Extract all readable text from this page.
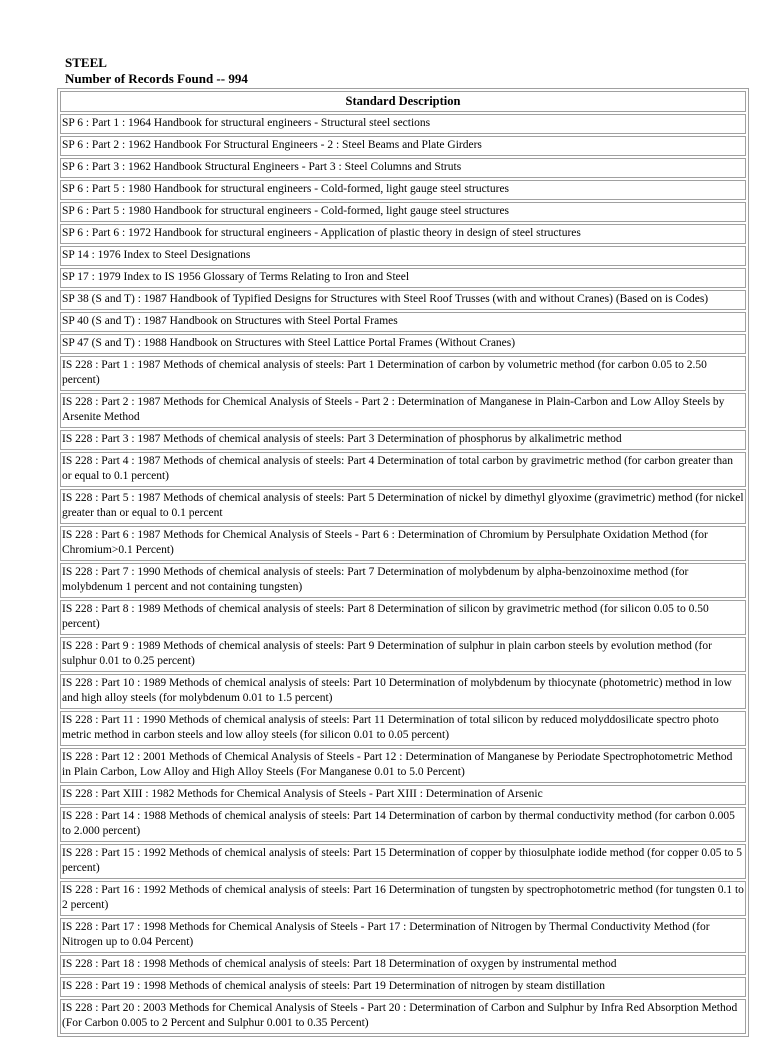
STEEL
Number of Records Found -- 994
Standard Description
SP 6 : Part 1 : 1964 Handbook for structural engineers - Structural steel sections
SP 6 : Part 2 : 1962 Handbook For Structural Engineers - 2 : Steel Beams and Plate Girders
SP 6 : Part 3 : 1962 Handbook Structural Engineers - Part 3 : Steel Columns and Struts
SP 6 : Part 5 : 1980 Handbook for structural engineers - Cold-formed, light gauge steel structures
SP 6 : Part 5 : 1980 Handbook for structural engineers - Cold-formed, light gauge steel structures
SP 6 : Part 6 : 1972 Handbook for structural engineers - Application of plastic theory in design of steel structures
SP 14 : 1976 Index to Steel Designations
SP 17 : 1979 Index to IS 1956 Glossary of Terms Relating to Iron and Steel
SP 38 (S and T) : 1987 Handbook of Typified Designs for Structures with Steel Roof Trusses (with and without Cranes) (Based on is Codes)
SP 40 (S and T) : 1987 Handbook on Structures with Steel Portal Frames
SP 47 (S and T) : 1988 Handbook on Structures with Steel Lattice Portal Frames (Without Cranes)
IS 228 : Part 1 : 1987 Methods of chemical analysis of steels: Part 1 Determination of carbon by volumetric method (for carbon 0.05 to 2.50 percent)
IS 228 : Part 2 : 1987 Methods for Chemical Analysis of Steels - Part 2 : Determination of Manganese in Plain-Carbon and Low Alloy Steels by Arsenite Method
IS 228 : Part 3 : 1987 Methods of chemical analysis of steels: Part 3 Determination of phosphorus by alkalimetric method
IS 228 : Part 4 : 1987 Methods of chemical analysis of steels: Part 4 Determination of total carbon by gravimetric method (for carbon greater than or equal to 0.1 percent)
IS 228 : Part 5 : 1987 Methods of chemical analysis of steels: Part 5 Determination of nickel by dimethyl glyoxime (gravimetric) method (for nickel greater than or equal to 0.1 percent
IS 228 : Part 6 : 1987 Methods for Chemical Analysis of Steels - Part 6 : Determination of Chromium by Persulphate Oxidation Method (for Chromium>0.1 Percent)
IS 228 : Part 7 : 1990 Methods of chemical analysis of steels: Part 7 Determination of molybdenum by alpha-benzoinoxime method (for molybdenum 1 percent and not containing tungsten)
IS 228 : Part 8 : 1989 Methods of chemical analysis of steels: Part 8 Determination of silicon by gravimetric method (for silicon 0.05 to 0.50 percent)
IS 228 : Part 9 : 1989 Methods of chemical analysis of steels: Part 9 Determination of sulphur in plain carbon steels by evolution method (for sulphur 0.01 to 0.25 percent)
IS 228 : Part 10 : 1989 Methods of chemical analysis of steels: Part 10 Determination of molybdenum by thiocynate (photometric) method in low and high alloy steels (for molybdenum 0.01 to 1.5 percent)
IS 228 : Part 11 : 1990 Methods of chemical analysis of steels: Part 11 Determination of total silicon by reduced molyddosilicate spectro photo metric method in carbon steels and low alloy steels (for silicon 0.01 to 0.05 percent)
IS 228 : Part 12 : 2001 Methods of Chemical Analysis of Steels - Part 12 : Determination of Manganese by Periodate Spectrophotometric Method in Plain Carbon, Low Alloy and High Alloy Steels (For Manganese 0.01 to 5.0 Percent)
IS 228 : Part XIII : 1982 Methods for Chemical Analysis of Steels - Part XIII : Determination of Arsenic
IS 228 : Part 14 : 1988 Methods of chemical analysis of steels: Part 14 Determination of carbon by thermal conductivity method (for carbon 0.005 to 2.000 percent)
IS 228 : Part 15 : 1992 Methods of chemical analysis of steels: Part 15 Determination of copper by thiosulphate iodide method (for copper 0.05 to 5 percent)
IS 228 : Part 16 : 1992 Methods of chemical analysis of steels: Part 16 Determination of tungsten by spectrophotometric method (for tungsten 0.1 to 2 percent)
IS 228 : Part 17 : 1998 Methods for Chemical Analysis of Steels - Part 17 : Determination of Nitrogen by Thermal Conductivity Method (for Nitrogen up to 0.04 Percent)
IS 228 : Part 18 : 1998 Methods of chemical analysis of steels: Part 18 Determination of oxygen by instrumental method
IS 228 : Part 19 : 1998 Methods of chemical analysis of steels: Part 19 Determination of nitrogen by steam distillation
IS 228 : Part 20 : 2003 Methods for Chemical Analysis of Steels - Part 20 : Determination of Carbon and Sulphur by Infra Red Absorption Method (For Carbon 0.005 to 2 Percent and Sulphur 0.001 to 0.35 Percent)
